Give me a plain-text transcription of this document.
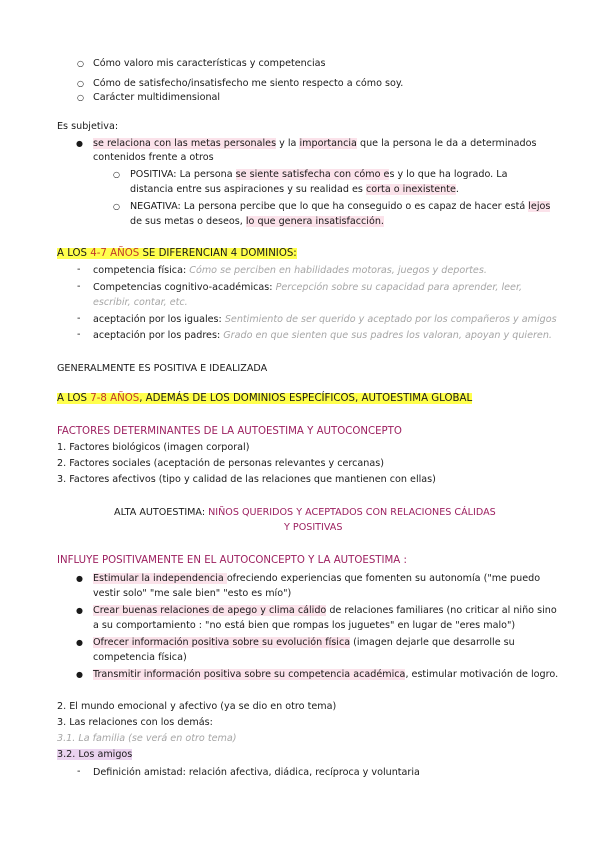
○ Cómo valoro mis características y competencias
○ Cómo de satisfecho/insatisfecho me siento respecto a cómo soy.
○ Carácter multidimensional
Es subjetiva:
● se relaciona con las metas personales y la importancia que la persona le da a determinados
contenidos frente a otros
○ POSITIVA: La persona se siente satisfecha con cómo es y lo que ha logrado. La
distancia entre sus aspiraciones y su realidad es corta o inexistente.
○ NEGATIVA: La persona percibe que lo que ha conseguido o es capaz de hacer está lejos
de sus metas o deseos, lo que genera insatisfacción.
A LOS 4-7 AÑOS SE DIFERENCIAN 4 DOMINIOS:
- competencia física: Cómo se perciben en habilidades motoras, juegos y deportes.
- Competencias cognitivo-académicas: Percepción sobre su capacidad para aprender, leer,
escribir, contar, etc.
- aceptación por los iguales: Sentimiento de ser querido y aceptado por los compañeros y amigos
- aceptación por los padres: Grado en que sienten que sus padres los valoran, apoyan y quieren.
GENERALMENTE ES POSITIVA E IDEALIZADA
A LOS 7-8 AÑOS, ADEMÁS DE LOS DOMINIOS ESPECÍFICOS, AUTOESTIMA GLOBAL
FACTORES DETERMINANTES DE LA AUTOESTIMA Y AUTOCONCEPTO
1. Factores biológicos (imagen corporal)
2. Factores sociales (aceptación de personas relevantes y cercanas)
3. Factores afectivos (tipo y calidad de las relaciones que mantienen con ellas)
ALTA AUTOESTIMA: NIÑOS QUERIDOS Y ACEPTADOS CON RELACIONES CÁLIDAS
Y POSITIVAS
INFLUYE POSITIVAMENTE EN EL AUTOCONCEPTO Y LA AUTOESTIMA :
● Estimular la independencia ofreciendo experiencias que fomenten su autonomía ("me puedo
vestir solo" "me sale bien" "esto es mío")
● Crear buenas relaciones de apego y clima cálido de relaciones familiares (no criticar al niño sino
a su comportamiento : "no está bien que rompas los juguetes" en lugar de "eres malo")
● Ofrecer información positiva sobre su evolución física (imagen dejarle que desarrolle su
competencia física)
● Transmitir información positiva sobre su competencia académica, estimular motivación de logro.
2. El mundo emocional y afectivo (ya se dio en otro tema)
3. Las relaciones con los demás:
3.1. La familia (se verá en otro tema)
3.2. Los amigos
- Definición amistad: relación afectiva, diádica, recíproca y voluntaria
